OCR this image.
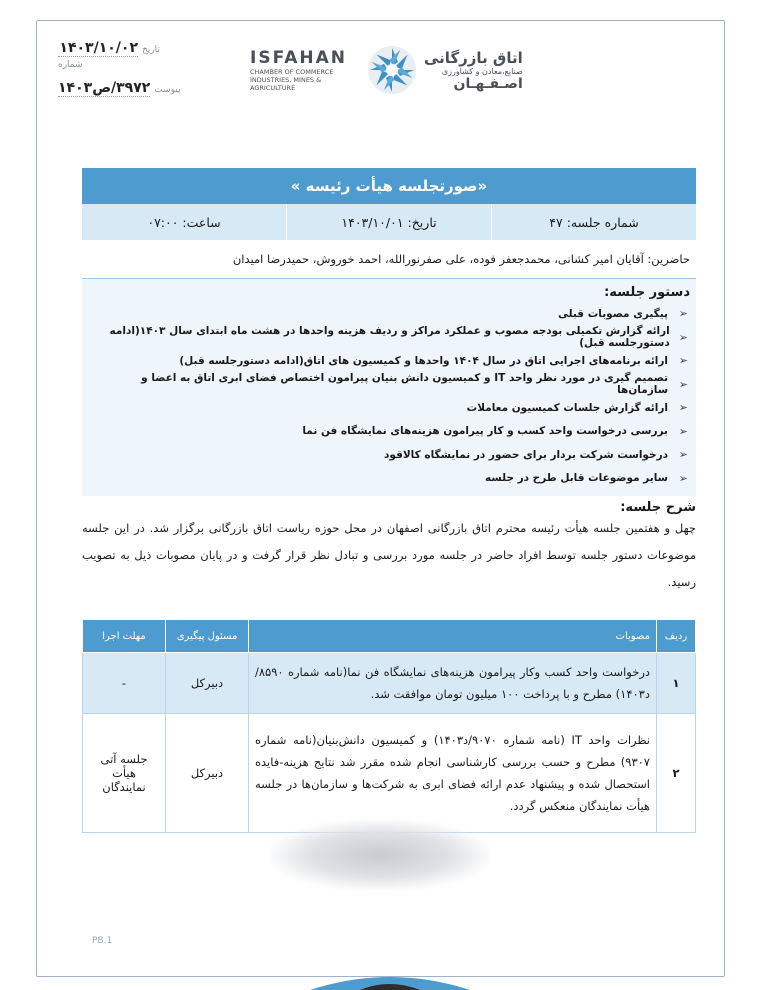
تاریخ
۱۴۰۳/۱۰/۰۲
شماره
پیوست
۳۹۷۲/ص۱۴۰۳
ISFAHAN
CHAMBER OF COMMERCE
INDUSTRIES, MINES & AGRICULTURE
اتاق بازرگانی
صنایع،معادن و کشاورزی
اصـفـهـان
«صورتجلسه هیأت رئیسه »
شماره جلسه: ۴۷
تاریخ: ۱۴۰۳/۱۰/۰۱
ساعت: ۰۷:۰۰
حاضرین: آقایان امیر کشانی، محمدجعفر فوده، علی صفرنورالله، احمد خوروش، حمیدرضا امیدان
دستور جلسه:
➢
پیگیری مصوبات قبلی
➢
ارائه گزارش تکمیلی بودجه مصوب و عملکرد مراکز و ردیف هزینه واحدها در هشت ماه ابتدای سال ۱۴۰۳(ادامه دستورجلسه قبل)
➢
ارائه برنامه‌های اجرایی اتاق در سال ۱۴۰۴ واحدها و کمیسیون های اتاق(ادامه دستورجلسه قبل)
➢
تصمیم گیری در مورد نظر واحد IT و کمیسیون دانش بنیان پیرامون اختصاص فضای ابری اتاق به اعضا و سازمان‌ها
➢
ارائه گزارش جلسات کمیسیون معاملات
➢
بررسی درخواست واحد کسب و کار پیرامون هزینه‌های نمایشگاه فن نما
➢
درخواست شرکت بردار برای حضور در نمایشگاه کالاقود
➢
سایر موضوعات قابل طرح در جلسه
شرح جلسه:

چهل و هفتمین جلسه هیأت رئیسه محترم اتاق بازرگانی اصفهان در محل حوزه ریاست اتاق بازرگانی برگزار شد. در این جلسه موضوعات دستور جلسه توسط افراد حاضر در جلسه مورد بررسی و تبادل نظر قرار گرفت و در پایان مصوبات ذیل به تصویب رسید.

ردیف	مصوبات	مسئول پیگیری	مهلت اجرا
۱	درخواست واحد کسب وکار پیرامون هزینه‌های نمایشگاه فن نما(نامه شماره ۸۵۹۰/د۱۴۰۳) مطرح و با پرداخت ۱۰۰ میلیون تومان موافقت شد.	دبیرکل	-
۲	نظرات واحد IT (نامه شماره ۹۰۷۰/د۱۴۰۳) و کمیسیون دانش‌بنیان(نامه شماره ۹۳۰۷) مطرح و حسب بررسی کارشناسی انجام شده مقرر شد نتایج هزینه-فایده استحصال شده و پیشنهاد عدم ارائه فضای ابری به شرکت‌ها و سازمان‌ها در جلسه هیأت نمایندگان منعکس گردد.	دبیرکل	جلسه آتی هیأت نمایندگان
PB.1
